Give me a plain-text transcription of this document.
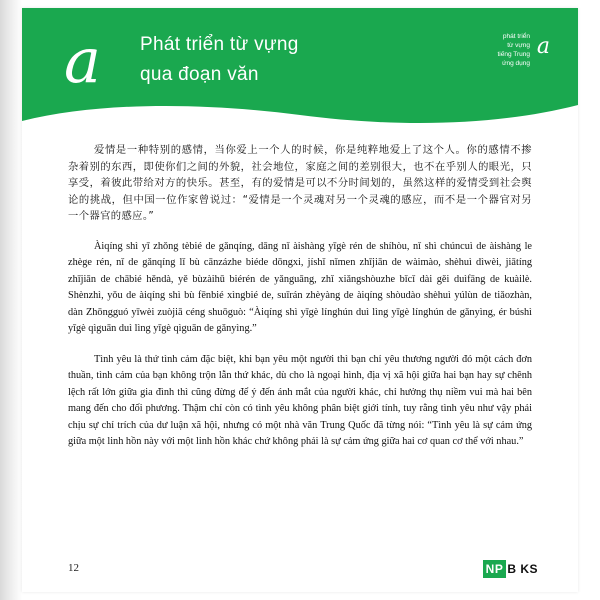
a Phát triển từ vựng
qua đoạn văn
phát triển
từ vựng
tiếng Trung
ứng dụng
a

爱情是一种特别的感情，当你爱上一个人的时候，你是纯粹地爱上了这个人。你的感情不掺杂着别的东西，即使你们之间的外貌，社会地位，家庭之间的差别很大，也不在乎别人的眼光，只享受，着彼此带给对方的快乐。甚至，有的爱情是可以不分时间划的，虽然这样的爱情受到社会舆论的挑战，但中国一位作家曾说过：“爱情是一个灵魂对另一个灵魂的感应，而不是一个器官对另一个器官的感应。”

Àiqíng shì yī zhǒng tèbié de gǎnqíng, dāng nǐ àishàng yīgè rén de shíhòu, nǐ shì chúncuì de àishàng le zhège rén, nǐ de gǎnqíng lǐ bù cānzázhe biéde dōngxi, jíshǐ nǐmen zhījiān de wàimào, shèhuì dìwèi, jiātíng zhījiān de chābié hěndà, yě bùzàihū biérén de yǎnguāng, zhǐ xiǎngshòuzhe bǐcǐ dài gěi duìfāng de kuàilè. Shènzhì, yǒu de àiqíng shì bù fēnbié xìngbié de, suīrán zhèyàng de àiqíng shòudào shèhuì yúlùn de tiǎozhàn, dàn Zhōngguó yīwèi zuòjiā céng shuōguò: “Àiqíng shì yīgè línghún duì lìng yīgè línghún de gǎnyìng, ér búshì yīgè qìguān duì lìng yīgè qìguān de gǎnyìng.”

Tình yêu là thứ tình cảm đặc biệt, khi bạn yêu một người thì bạn chỉ yêu thương người đó một cách đơn thuần, tình cảm của bạn không trộn lẫn thứ khác, dù cho là ngoại hình, địa vị xã hội giữa hai bạn hay sự chênh lệch rất lớn giữa gia đình thì cũng đừng để ý đến ánh mắt của người khác, chỉ hưởng thụ niềm vui mà hai bên mang đến cho đối phương. Thậm chí còn có tình yêu không phân biệt giới tính, tuy rằng tình yêu như vậy phải chịu sự chỉ trích của dư luận xã hội, nhưng có một nhà văn Trung Quốc đã từng nói: “Tình yêu là sự cảm ứng giữa một linh hồn này với một linh hồn khác chứ không phải là sự cảm ứng giữa hai cơ quan cơ thể với nhau.”

12	NP B KS
